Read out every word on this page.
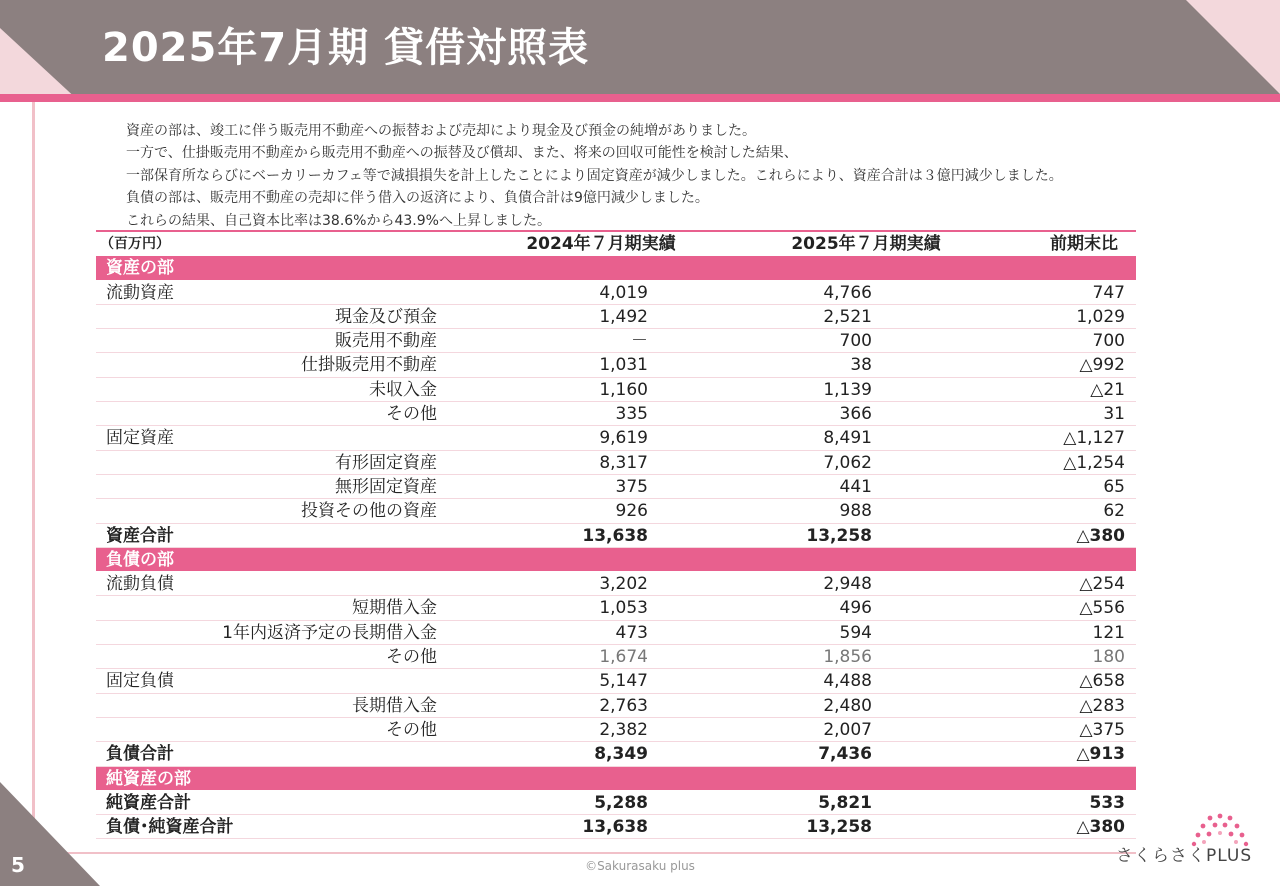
2025年7月期 貸借対照表
資産の部は、竣工に伴う販売用不動産への振替および売却により現金及び預金の純増がありました。
一方で、仕掛販売用不動産から販売用不動産への振替及び償却、また、将来の回収可能性を検討した結果、
一部保育所ならびにベーカリーカフェ等で減損損失を計上したことにより固定資産が減少しました。これらにより、資産合計は３億円減少しました。
負債の部は、販売用不動産の売却に伴う借入の返済により、負債合計は9億円減少しました。
これらの結果、自己資本比率は38.6%から43.9%へ上昇しました。
（百万円）	2024年７月期実績	2025年７月期実績	前期末比
資産の部
流動資産	4,019	4,766	747
現金及び預金	1,492	2,521	1,029
販売用不動産	－	700	700
仕掛販売用不動産	1,031	38	△992
未収入金	1,160	1,139	△21
その他	335	366	31
固定資産	9,619	8,491	△1,127
有形固定資産	8,317	7,062	△1,254
無形固定資産	375	441	65
投資その他の資産	926	988	62
資産合計	13,638	13,258	△380
負債の部
流動負債	3,202	2,948	△254
短期借入金	1,053	496	△556
1年内返済予定の長期借入金	473	594	121
その他	1,674	1,856	180
固定負債	5,147	4,488	△658
長期借入金	2,763	2,480	△283
その他	2,382	2,007	△375
負債合計	8,349	7,436	△913
純資産の部
純資産合計	5,288	5,821	533
負債･純資産合計	13,638	13,258	△380
5	©Sakurasaku plus	さくらさくPLUS
